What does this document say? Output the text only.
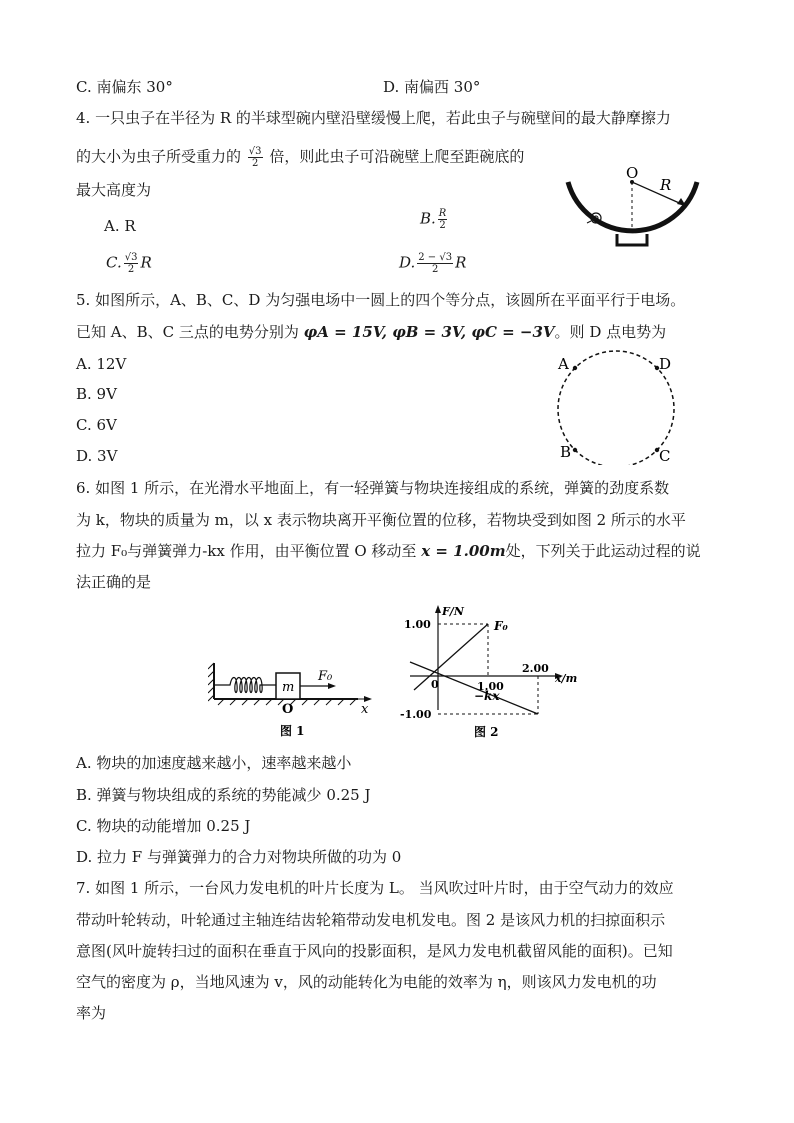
C. 南偏东 30°	D. 南偏西 30°
4. 一只虫子在半径为 R 的半球型碗内壁沿壁缓慢上爬，若此虫子与碗壁间的最大静摩擦力
的大小为虫子所受重力的 $\frac{√3}{2}$ 倍，则此虫子可沿碗壁上爬至距碗底的
最大高度为
A. R	B. $\frac{R}{2}$
C. $\frac{√3}{2}$ R	D. $\frac{2 - √3}{2}$ R
O
R
5. 如图所示，A、B、C、D 为匀强电场中一圆上的四个等分点，该圆所在平面平行于电场。
已知 A、B、C 三点的电势分别为 φA = 15V, φB = 3V, φC = −3V。则 D 点电势为
A. 12V
B. 9V
C. 6V
D. 3V
A	D
B	C
6. 如图 1 所示，在光滑水平地面上，有一轻弹簧与物块连接组成的系统，弹簧的劲度系数
为 k，物块的质量为 m，以 x 表示物块离开平衡位置的位移，若物块受到如图 2 所示的水平
拉力 F₀与弹簧弹力-kx 作用，由平衡位置 O 移动至 x = 1.00m处，下列关于此运动过程的说
法正确的是
m
F₀
O	x
图 1
F/N
x/m
0
1.00
-1.00
1.00
2.00
F₀
−kx
图 2
A. 物块的加速度越来越小，速率越来越小
B. 弹簧与物块组成的系统的势能减少 0.25 J
C. 物块的动能增加 0.25 J
D. 拉力 F 与弹簧弹力的合力对物块所做的功为 0
7. 如图 1 所示，一台风力发电机的叶片长度为 L。 当风吹过叶片时，由于空气动力的效应
带动叶轮转动，叶轮通过主轴连结齿轮箱带动发电机发电。图 2 是该风力机的扫掠面积示
意图(风叶旋转扫过的面积在垂直于风向的投影面积，是风力发电机截留风能的面积)。已知
空气的密度为 ρ，当地风速为 v，风的动能转化为电能的效率为 η，则该风力发电机的功
率为
